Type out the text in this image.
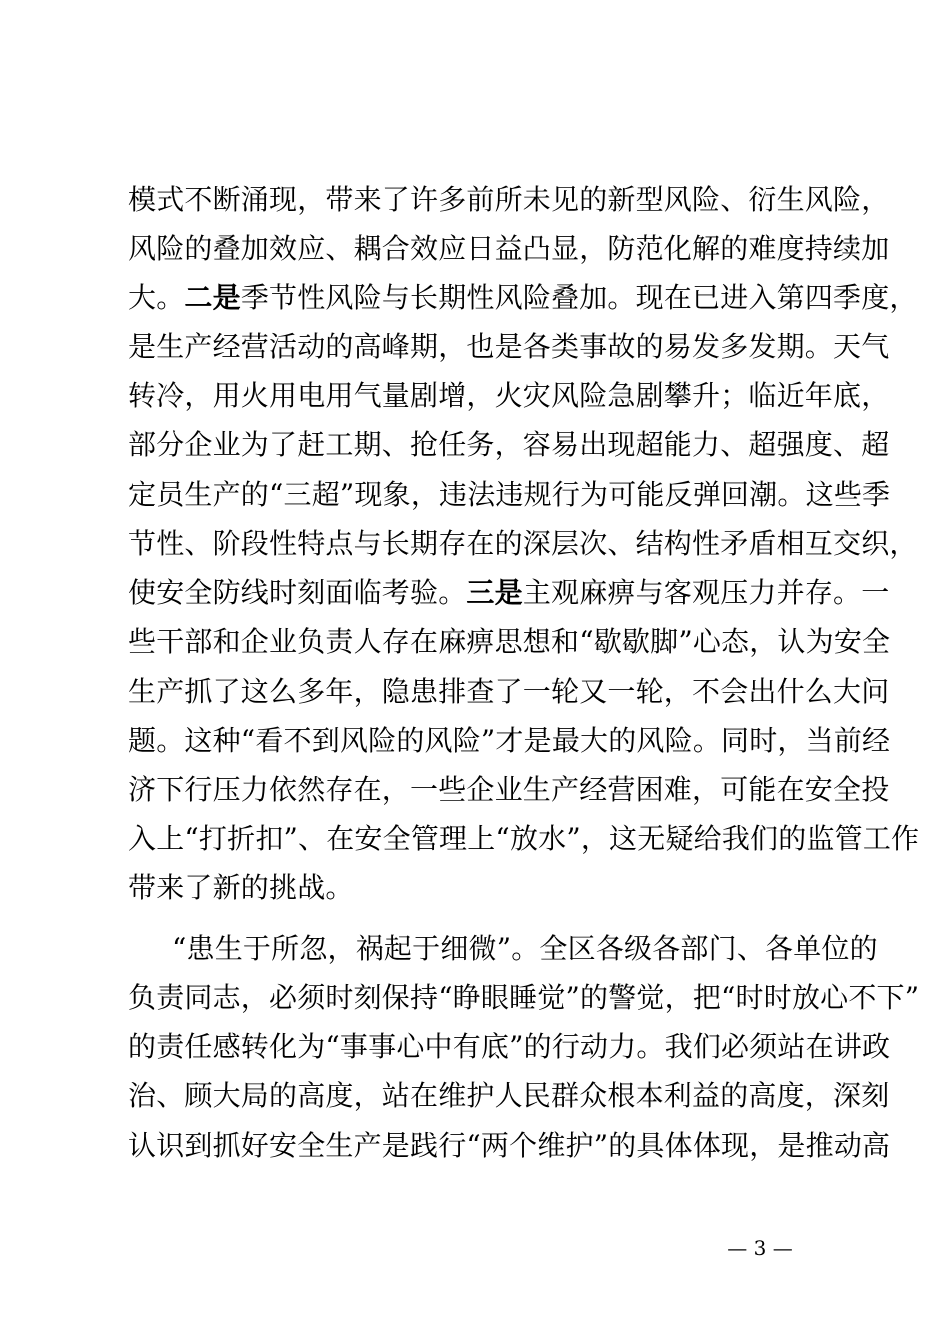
模式不断涌现，带来了许多前所未见的新型风险、衍生风险，
风险的叠加效应、耦合效应日益凸显，防范化解的难度持续加
大。二是季节性风险与长期性风险叠加。现在已进入第四季度，
是生产经营活动的高峰期，也是各类事故的易发多发期。天气
转冷，用火用电用气量剧增，火灾风险急剧攀升；临近年底，
部分企业为了赶工期、抢任务，容易出现超能力、超强度、超
定员生产的“三超”现象，违法违规行为可能反弹回潮。这些季
节性、阶段性特点与长期存在的深层次、结构性矛盾相互交织，
使安全防线时刻面临考验。三是主观麻痹与客观压力并存。一
些干部和企业负责人存在麻痹思想和“歇歇脚”心态，认为安全
生产抓了这么多年，隐患排查了一轮又一轮，不会出什么大问
题。这种“看不到风险的风险”才是最大的风险。同时，当前经
济下行压力依然存在，一些企业生产经营困难，可能在安全投
入上“打折扣”、在安全管理上“放水”，这无疑给我们的监管工作
带来了新的挑战。
“患生于所忽，祸起于细微”。全区各级各部门、各单位的
负责同志，必须时刻保持“睁眼睡觉”的警觉，把“时时放心不下”
的责任感转化为“事事心中有底”的行动力。我们必须站在讲政
治、顾大局的高度，站在维护人民群众根本利益的高度，深刻
认识到抓好安全生产是践行“两个维护”的具体体现，是推动高
— 3 —
